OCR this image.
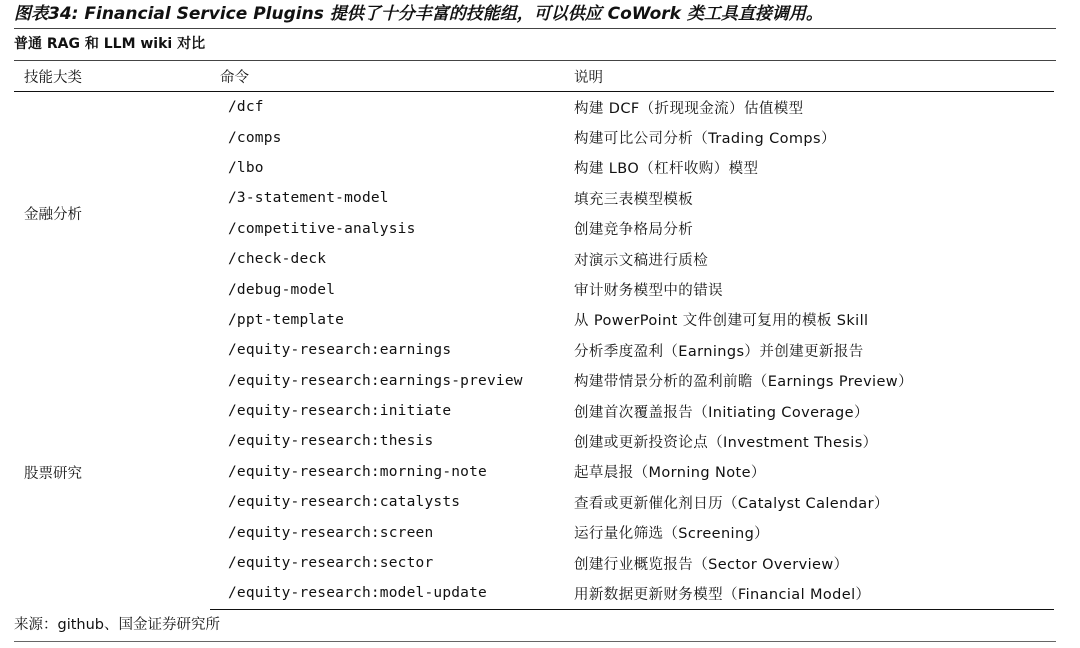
图表34: Financial Service Plugins 提供了十分丰富的技能组，可以供应 CoWork 类工具直接调用。
普通 RAG 和 LLM wiki 对比
技能大类	命令	说明
金融分析	/dcf	构建 DCF（折现现金流）估值模型
	/comps	构建可比公司分析（Trading Comps）
	/lbo	构建 LBO（杠杆收购）模型
	/3-statement-model	填充三表模型模板
	/competitive-analysis	创建竞争格局分析
	/check-deck	对演示文稿进行质检
	/debug-model	审计财务模型中的错误
	/ppt-template	从 PowerPoint 文件创建可复用的模板 Skill
股票研究	/equity-research:earnings	分析季度盈利（Earnings）并创建更新报告
	/equity-research:earnings-preview	构建带情景分析的盈利前瞻（Earnings Preview）
	/equity-research:initiate	创建首次覆盖报告（Initiating Coverage）
	/equity-research:thesis	创建或更新投资论点（Investment Thesis）
	/equity-research:morning-note	起草晨报（Morning Note）
	/equity-research:catalysts	查看或更新催化剂日历（Catalyst Calendar）
	/equity-research:screen	运行量化筛选（Screening）
	/equity-research:sector	创建行业概览报告（Sector Overview）
	/equity-research:model-update	用新数据更新财务模型（Financial Model）
来源：github、国金证券研究所
